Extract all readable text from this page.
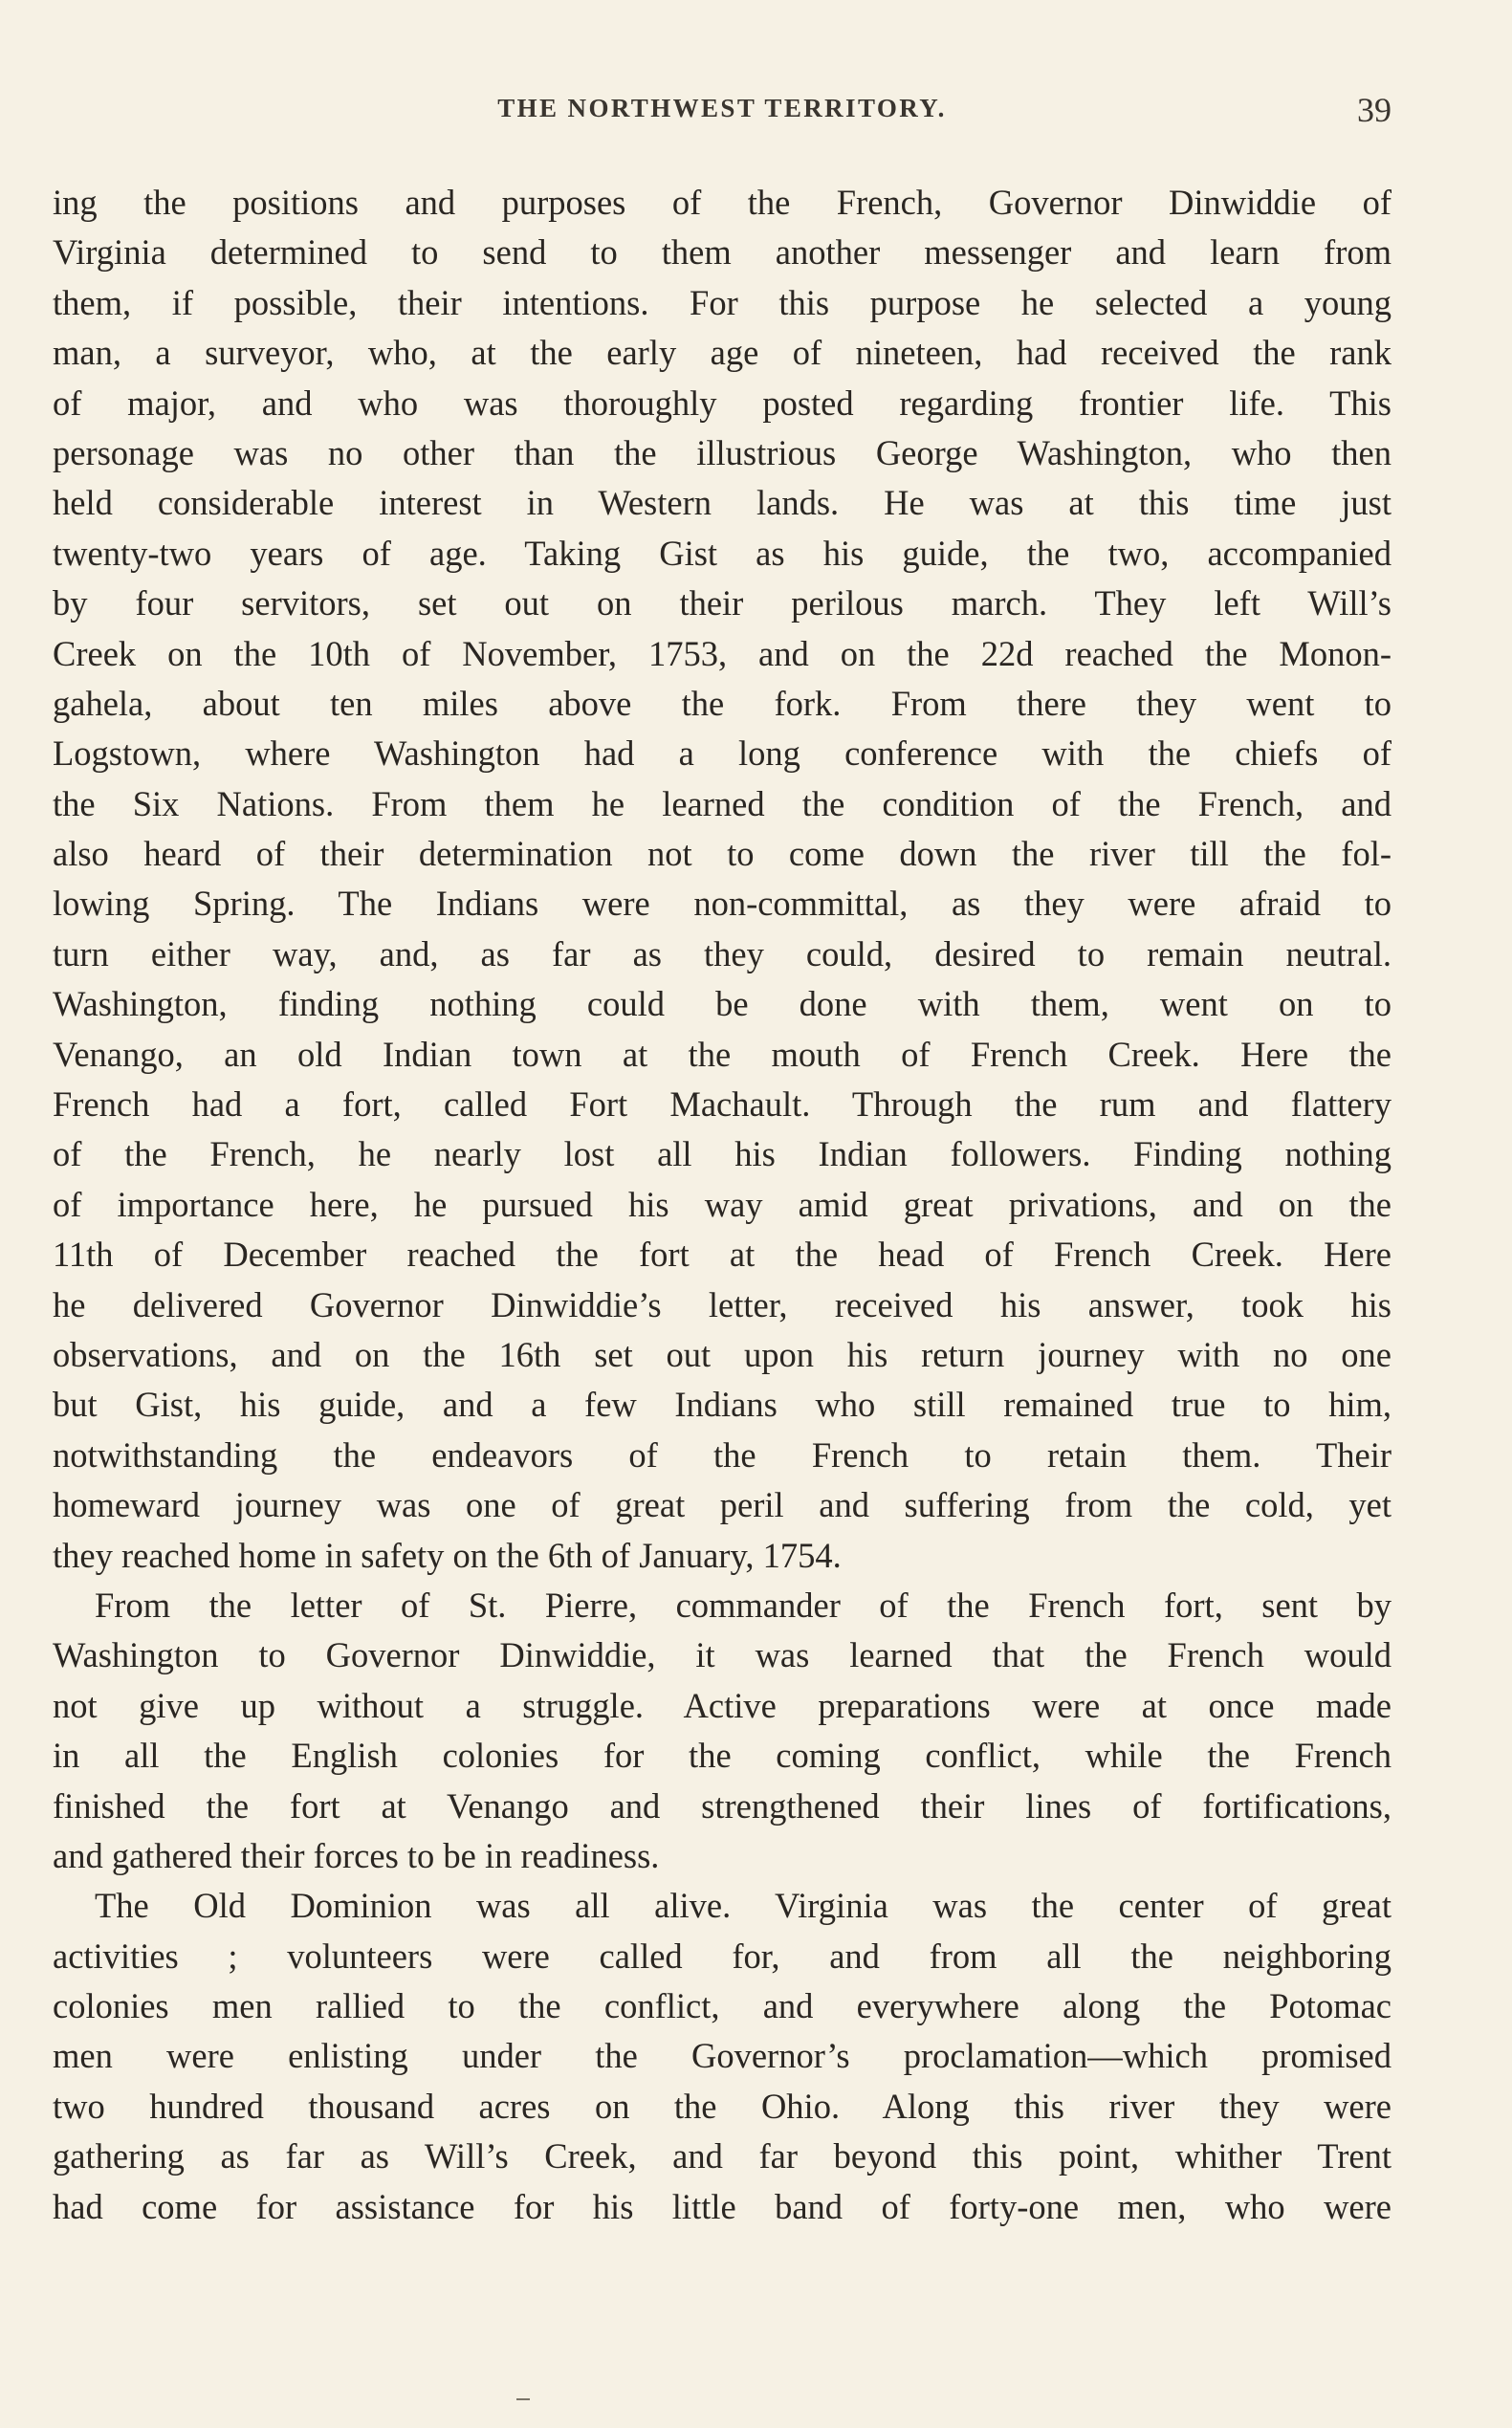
THE NORTHWEST TERRITORY.	39
ing the positions and purposes of the French, Governor Dinwiddie of
Virginia determined to send to them another messenger and learn from
them, if possible, their intentions. For this purpose he selected a young
man, a surveyor, who, at the early age of nineteen, had received the rank
of major, and who was thoroughly posted regarding frontier life. This
personage was no other than the illustrious George Washington, who then
held considerable interest in Western lands. He was at this time just
twenty-two years of age. Taking Gist as his guide, the two, accompanied
by four servitors, set out on their perilous march. They left Will’s
Creek on the 10th of November, 1753, and on the 22d reached the Monon-
gahela, about ten miles above the fork. From there they went to
Logstown, where Washington had a long conference with the chiefs of
the Six Nations. From them he learned the condition of the French, and
also heard of their determination not to come down the river till the fol-
lowing Spring. The Indians were non-committal, as they were afraid to
turn either way, and, as far as they could, desired to remain neutral.
Washington, finding nothing could be done with them, went on to
Venango, an old Indian town at the mouth of French Creek. Here the
French had a fort, called Fort Machault. Through the rum and flattery
of the French, he nearly lost all his Indian followers. Finding nothing
of importance here, he pursued his way amid great privations, and on the
11th of December reached the fort at the head of French Creek. Here
he delivered Governor Dinwiddie’s letter, received his answer, took his
observations, and on the 16th set out upon his return journey with no one
but Gist, his guide, and a few Indians who still remained true to him,
notwithstanding the endeavors of the French to retain them. Their
homeward journey was one of great peril and suffering from the cold, yet
they reached home in safety on the 6th of January, 1754.
From the letter of St. Pierre, commander of the French fort, sent by
Washington to Governor Dinwiddie, it was learned that the French would
not give up without a struggle. Active preparations were at once made
in all the English colonies for the coming conflict, while the French
finished the fort at Venango and strengthened their lines of fortifications,
and gathered their forces to be in readiness.
The Old Dominion was all alive. Virginia was the center of great
activities ; volunteers were called for, and from all the neighboring
colonies men rallied to the conflict, and everywhere along the Potomac
men were enlisting under the Governor’s proclamation—which promised
two hundred thousand acres on the Ohio. Along this river they were
gathering as far as Will’s Creek, and far beyond this point, whither Trent
had come for assistance for his little band of forty-one men, who were
